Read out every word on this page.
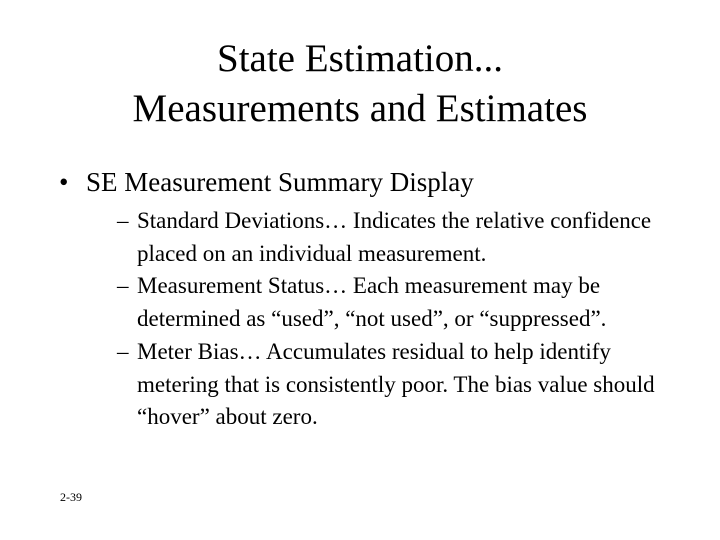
State Estimation...
Measurements and Estimates
• SE Measurement Summary Display
– Standard Deviations… Indicates the relative confidence placed on an individual measurement.
– Measurement Status… Each measurement may be determined as “used”, “not used”, or “suppressed”.
– Meter Bias… Accumulates residual to help identify metering that is consistently poor. The bias value should “hover” about zero.
2-39
